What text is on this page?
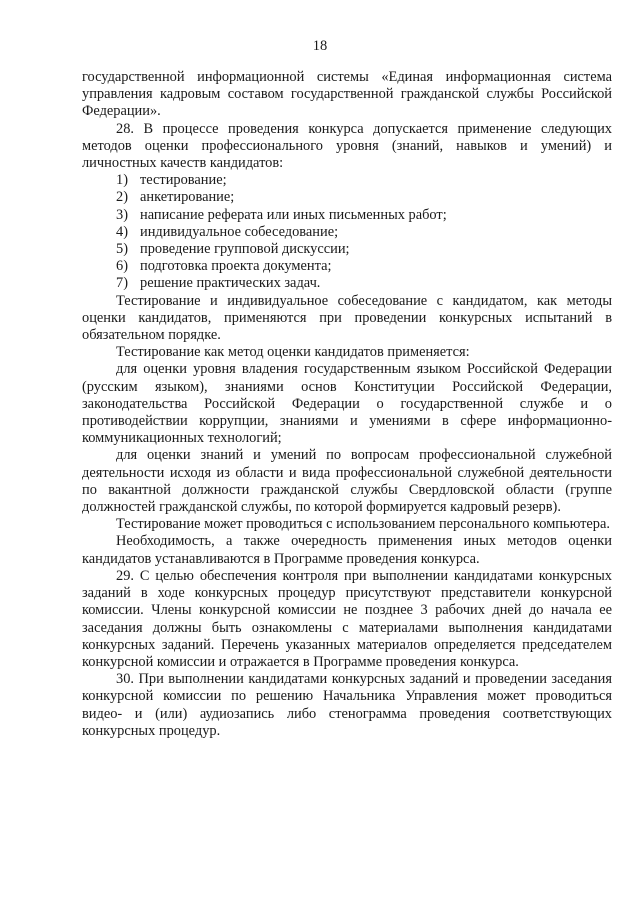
18

государственной информационной системы «Единая информационная система управления кадровым составом государственной гражданской службы Российской Федерации».

28. В процессе проведения конкурса допускается применение следующих методов оценки профессионального уровня (знаний, навыков и умений) и личностных качеств кандидатов:

1) тестирование;
2) анкетирование;
3) написание реферата или иных письменных работ;
4) индивидуальное собеседование;
5) проведение групповой дискуссии;
6) подготовка проекта документа;
7) решение практических задач.

Тестирование и индивидуальное собеседование с кандидатом, как методы оценки кандидатов, применяются при проведении конкурсных испытаний в обязательном порядке.

Тестирование как метод оценки кандидатов применяется:

для оценки уровня владения государственным языком Российской Федерации (русским языком), знаниями основ Конституции Российской Федерации, законодательства Российской Федерации о государственной службе и о противодействии коррупции, знаниями и умениями в сфере информационно-коммуникационных технологий;

для оценки знаний и умений по вопросам профессиональной служебной деятельности исходя из области и вида профессиональной служебной деятельности по вакантной должности гражданской службы Свердловской области (группе должностей гражданской службы, по которой формируется кадровый резерв).

Тестирование может проводиться с использованием персонального компьютера.

Необходимость, а также очередность применения иных методов оценки кандидатов устанавливаются в Программе проведения конкурса.

29. С целью обеспечения контроля при выполнении кандидатами конкурсных заданий в ходе конкурсных процедур присутствуют представители конкурсной комиссии. Члены конкурсной комиссии не позднее 3 рабочих дней до начала ее заседания должны быть ознакомлены с материалами выполнения кандидатами конкурсных заданий. Перечень указанных материалов определяется председателем конкурсной комиссии и отражается в Программе проведения конкурса.

30. При выполнении кандидатами конкурсных заданий и проведении заседания конкурсной комиссии по решению Начальника Управления может проводиться видео- и (или) аудиозапись либо стенограмма проведения соответствующих конкурсных процедур.
